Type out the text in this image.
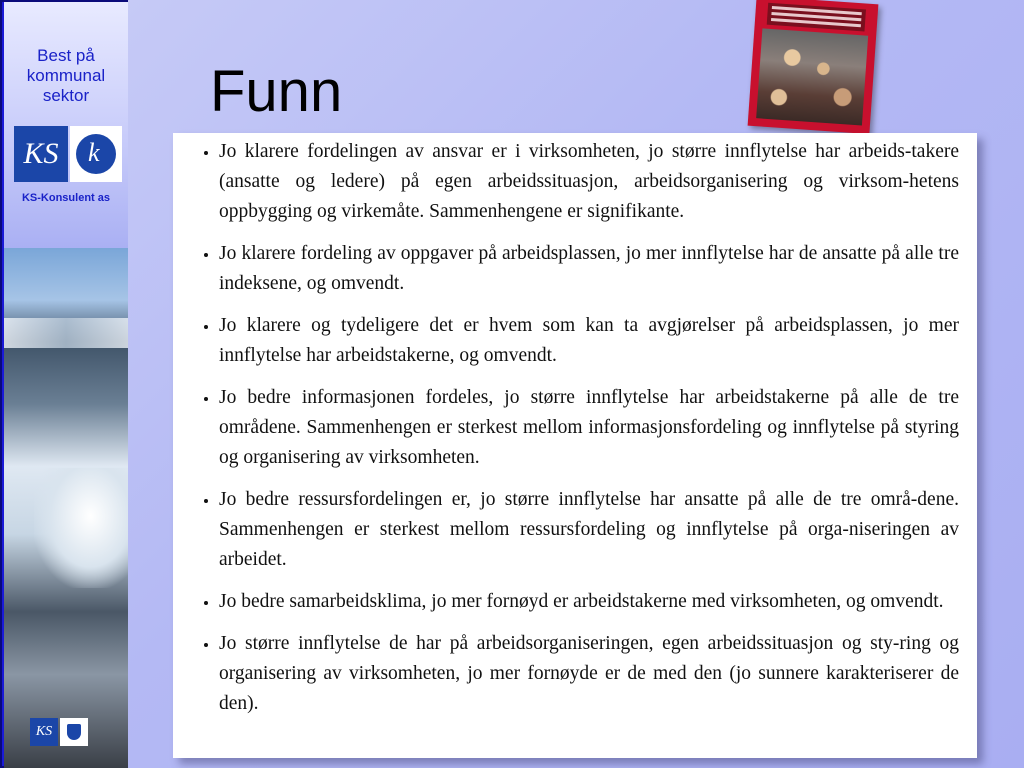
Best på kommunal sektor
KS	k
KS-Konsulent as
KS
Funn
• Jo klarere fordelingen av ansvar er i virksomheten, jo større innflytelse har arbeids-takere (ansatte og ledere) på egen arbeidssituasjon, arbeidsorganisering og virksom-hetens oppbygging og virkemåte. Sammenhengene er signifikante.
• Jo klarere fordeling av oppgaver på arbeidsplassen, jo mer innflytelse har de ansatte på alle tre indeksene, og omvendt.
• Jo klarere og tydeligere det er hvem som kan ta avgjørelser på arbeidsplassen, jo mer innflytelse har arbeidstakerne, og omvendt.
• Jo bedre informasjonen fordeles, jo større innflytelse har arbeidstakerne på alle de tre områdene. Sammenhengen er sterkest mellom informasjonsfordeling og innflytelse på styring og organisering av virksomheten.
• Jo bedre ressursfordelingen er, jo større innflytelse har ansatte på alle de tre områ-dene. Sammenhengen er sterkest mellom ressursfordeling og innflytelse på orga-niseringen av arbeidet.
• Jo bedre samarbeidsklima, jo mer fornøyd er arbeidstakerne med virksomheten, og omvendt.
• Jo større innflytelse de har på arbeidsorganiseringen, egen arbeidssituasjon og sty-ring og organisering av virksomheten, jo mer fornøyde er de med den (jo sunnere karakteriserer de den).
